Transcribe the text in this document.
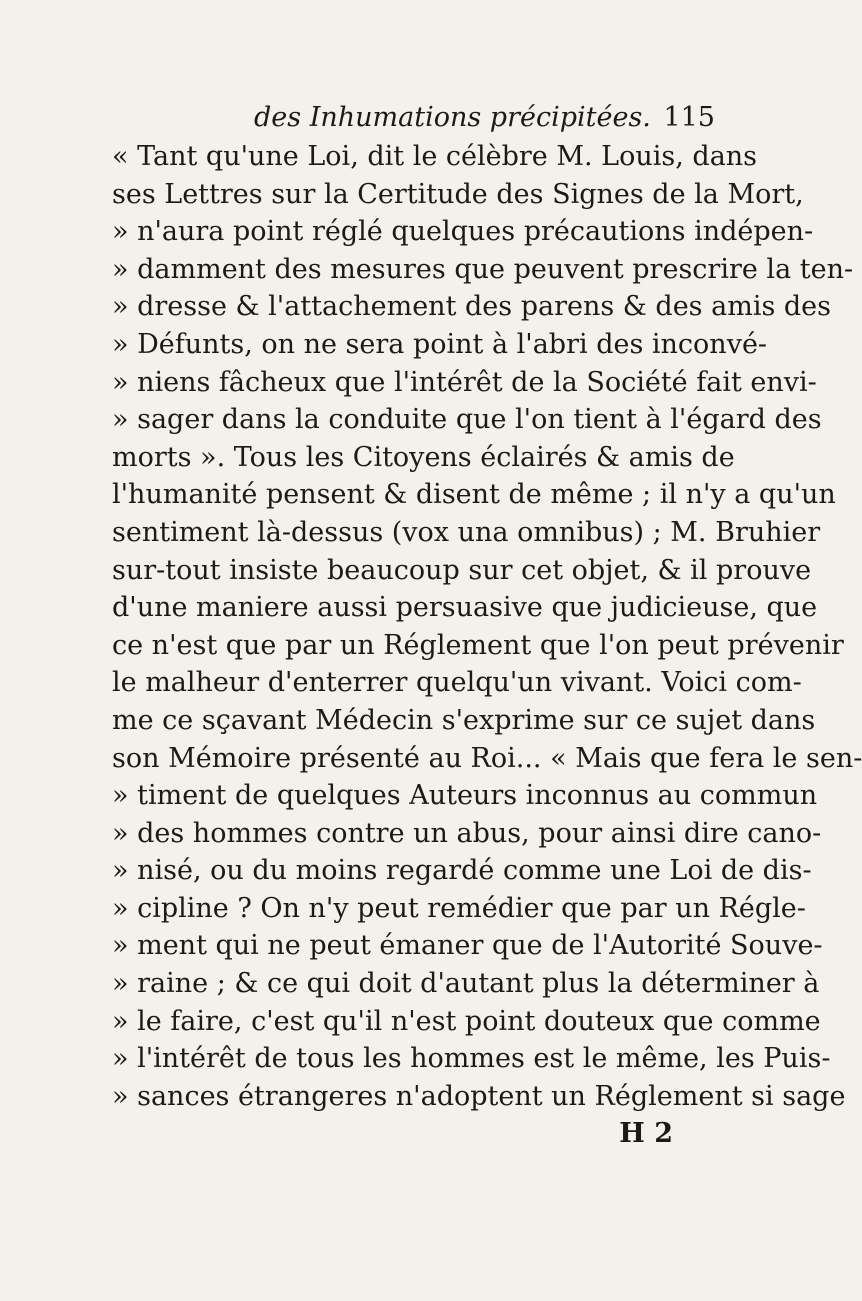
des Inhumations précipitées. 115
« Tant qu'une Loi, dit le célèbre M. Louis, dans
ses Lettres sur la Certitude des Signes de la Mort,
» n'aura point réglé quelques précautions indépen-
» damment des mesures que peuvent prescrire la ten-
» dresse & l'attachement des parens & des amis des
» Défunts, on ne sera point à l'abri des inconvé-
» niens fâcheux que l'intérêt de la Société fait envi-
» sager dans la conduite que l'on tient à l'égard des
morts ». Tous les Citoyens éclairés & amis de
l'humanité pensent & disent de même ; il n'y a qu'un
sentiment là-dessus (vox una omnibus) ; M. Bruhier
sur-tout insiste beaucoup sur cet objet, & il prouve
d'une maniere aussi persuasive que judicieuse, que
ce n'est que par un Réglement que l'on peut prévenir
le malheur d'enterrer quelqu'un vivant. Voici com-
me ce sçavant Médecin s'exprime sur ce sujet dans
son Mémoire présenté au Roi... « Mais que fera le sen-
» timent de quelques Auteurs inconnus au commun
» des hommes contre un abus, pour ainsi dire cano-
» nisé, ou du moins regardé comme une Loi de dis-
» cipline ? On n'y peut remédier que par un Régle-
» ment qui ne peut émaner que de l'Autorité Souve-
» raine ; & ce qui doit d'autant plus la déterminer à
» le faire, c'est qu'il n'est point douteux que comme
» l'intérêt de tous les hommes est le même, les Puis-
» sances étrangeres n'adoptent un Réglement si sage
H 2
